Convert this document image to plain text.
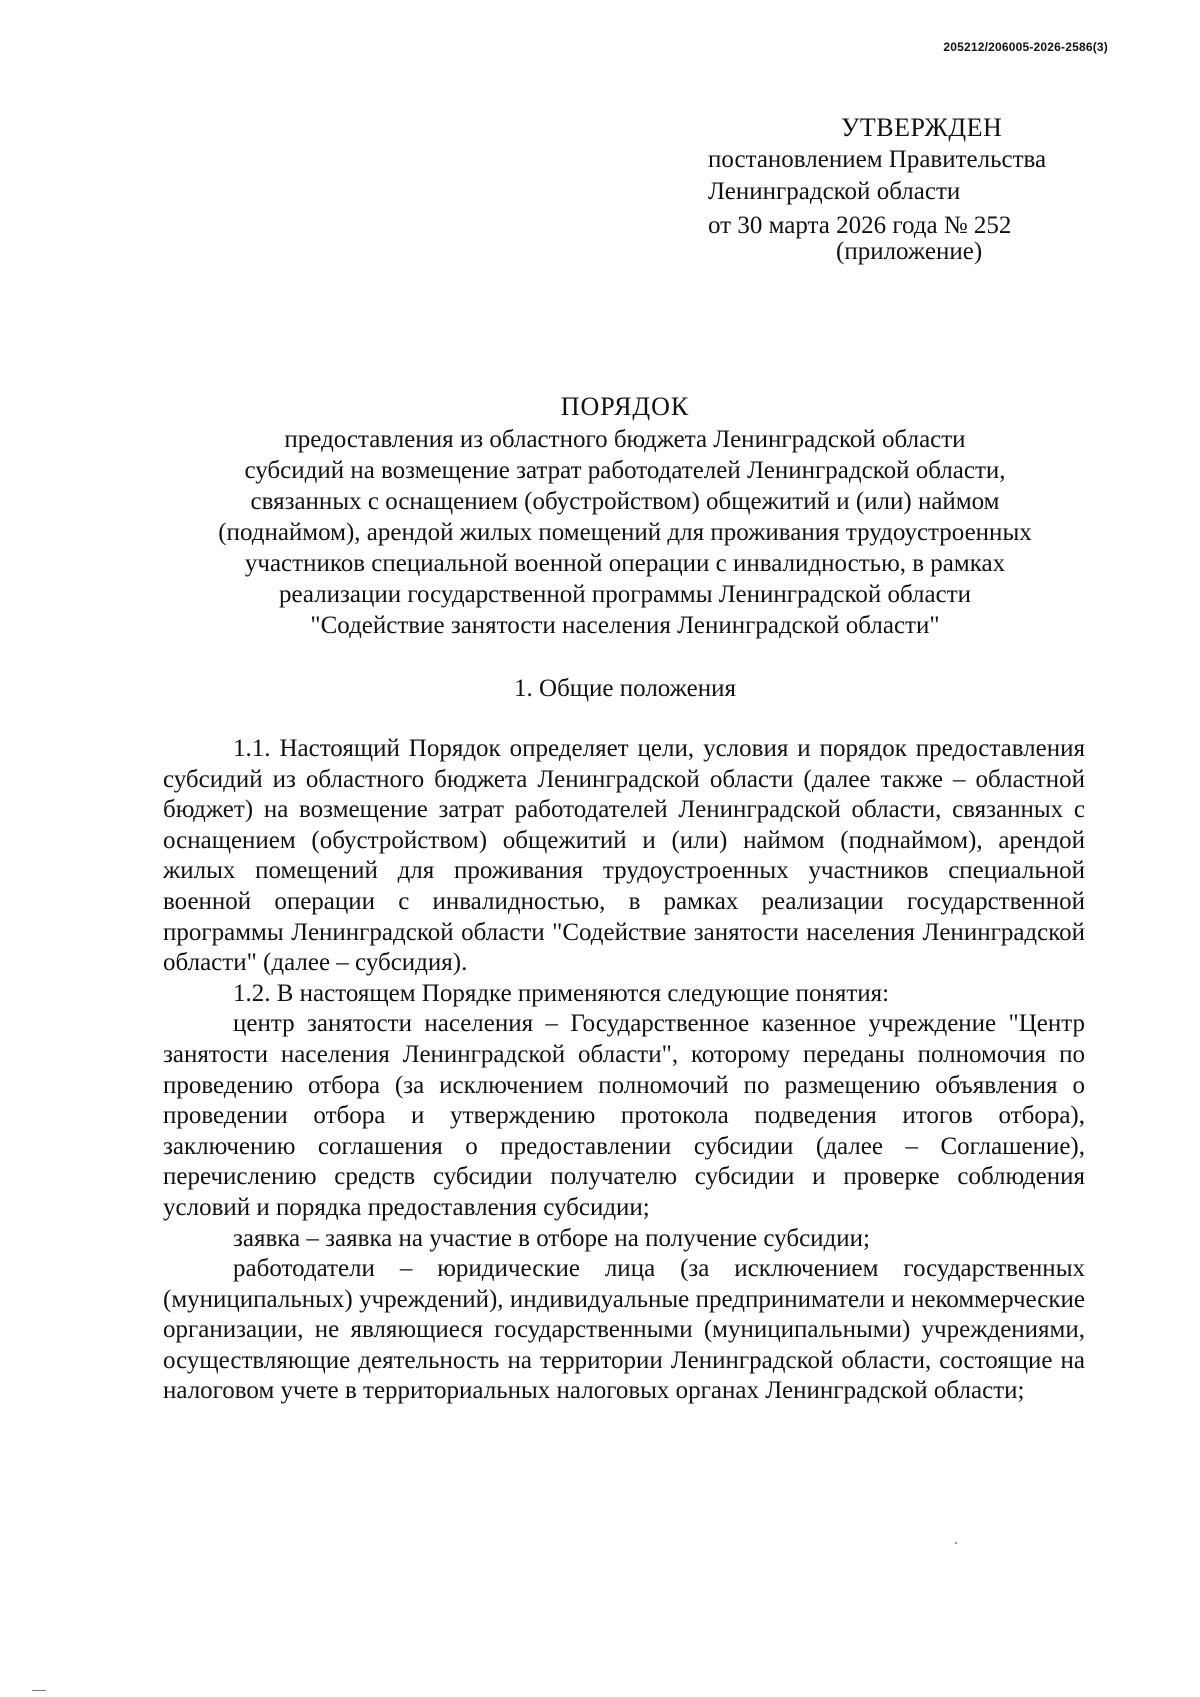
205212/206005-2026-2586(3)
УТВЕРЖДЕН
постановлением Правительства
Ленинградской области
от 30 марта 2026 года № 252
(приложение)
ПОРЯДОК
предоставления из областного бюджета Ленинградской области
субсидий на возмещение затрат работодателей Ленинградской области,
связанных с оснащением (обустройством) общежитий и (или) наймом
(поднаймом), арендой жилых помещений для проживания трудоустроенных
участников специальной военной операции с инвалидностью, в рамках
реализации государственной программы Ленинградской области
"Содействие занятости населения Ленинградской области"
1. Общие положения

1.1. Настоящий Порядок определяет цели, условия и порядок предоставления субсидий из областного бюджета Ленинградской области (далее также – областной бюджет) на возмещение затрат работодателей Ленинградской области, связанных с оснащением (обустройством) общежитий и (или) наймом (поднаймом), арендой жилых помещений для проживания трудоустроенных участников специальной военной операции с инвалидностью, в рамках реализации государственной программы Ленинградской области "Содействие занятости населения Ленинградской области" (далее – субсидия).

1.2. В настоящем Порядке применяются следующие понятия:

центр занятости населения – Государственное казенное учреждение "Центр занятости населения Ленинградской области", которому переданы полномочия по проведению отбора (за исключением полномочий по размещению объявления о проведении отбора и утверждению протокола подведения итогов отбора), заключению соглашения о предоставлении субсидии (далее – Соглашение), перечислению средств субсидии получателю субсидии и проверке соблюдения условий и порядка предоставления субсидии;

заявка – заявка на участие в отборе на получение субсидии;

работодатели – юридические лица (за исключением государственных (муниципальных) учреждений), индивидуальные предприниматели и некоммерческие организации, не являющиеся государственными (муниципальными) учреждениями, осуществляющие деятельность на территории Ленинградской области, состоящие на налоговом учете в территориальных налоговых органах Ленинградской области;
